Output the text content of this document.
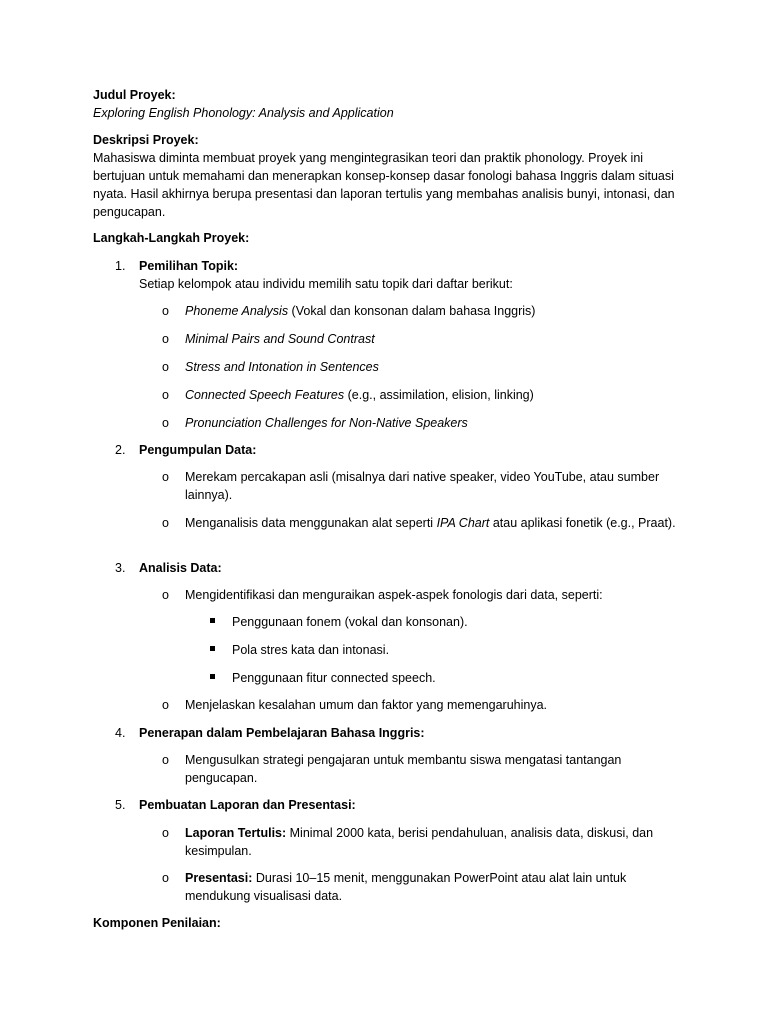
Judul Proyek:
Exploring English Phonology: Analysis and Application
Deskripsi Proyek:
Mahasiswa diminta membuat proyek yang mengintegrasikan teori dan praktik phonology. Proyek ini bertujuan untuk memahami dan menerapkan konsep-konsep dasar fonologi bahasa Inggris dalam situasi nyata. Hasil akhirnya berupa presentasi dan laporan tertulis yang membahas analisis bunyi, intonasi, dan pengucapan.
Langkah-Langkah Proyek:
1. Pemilihan Topik:
Setiap kelompok atau individu memilih satu topik dari daftar berikut:
o Phoneme Analysis (Vokal dan konsonan dalam bahasa Inggris)
o Minimal Pairs and Sound Contrast
o Stress and Intonation in Sentences
o Connected Speech Features (e.g., assimilation, elision, linking)
o Pronunciation Challenges for Non-Native Speakers
2. Pengumpulan Data:
o Merekam percakapan asli (misalnya dari native speaker, video YouTube, atau sumber lainnya).
o Menganalisis data menggunakan alat seperti IPA Chart atau aplikasi fonetik (e.g., Praat).
3. Analisis Data:
o Mengidentifikasi dan menguraikan aspek-aspek fonologis dari data, seperti:
Penggunaan fonem (vokal dan konsonan).
Pola stres kata dan intonasi.
Penggunaan fitur connected speech.
o Menjelaskan kesalahan umum dan faktor yang memengaruhinya.
4. Penerapan dalam Pembelajaran Bahasa Inggris:
o Mengusulkan strategi pengajaran untuk membantu siswa mengatasi tantangan pengucapan.
5. Pembuatan Laporan dan Presentasi:
o Laporan Tertulis: Minimal 2000 kata, berisi pendahuluan, analisis data, diskusi, dan kesimpulan.
o Presentasi: Durasi 10–15 menit, menggunakan PowerPoint atau alat lain untuk mendukung visualisasi data.
Komponen Penilaian:
